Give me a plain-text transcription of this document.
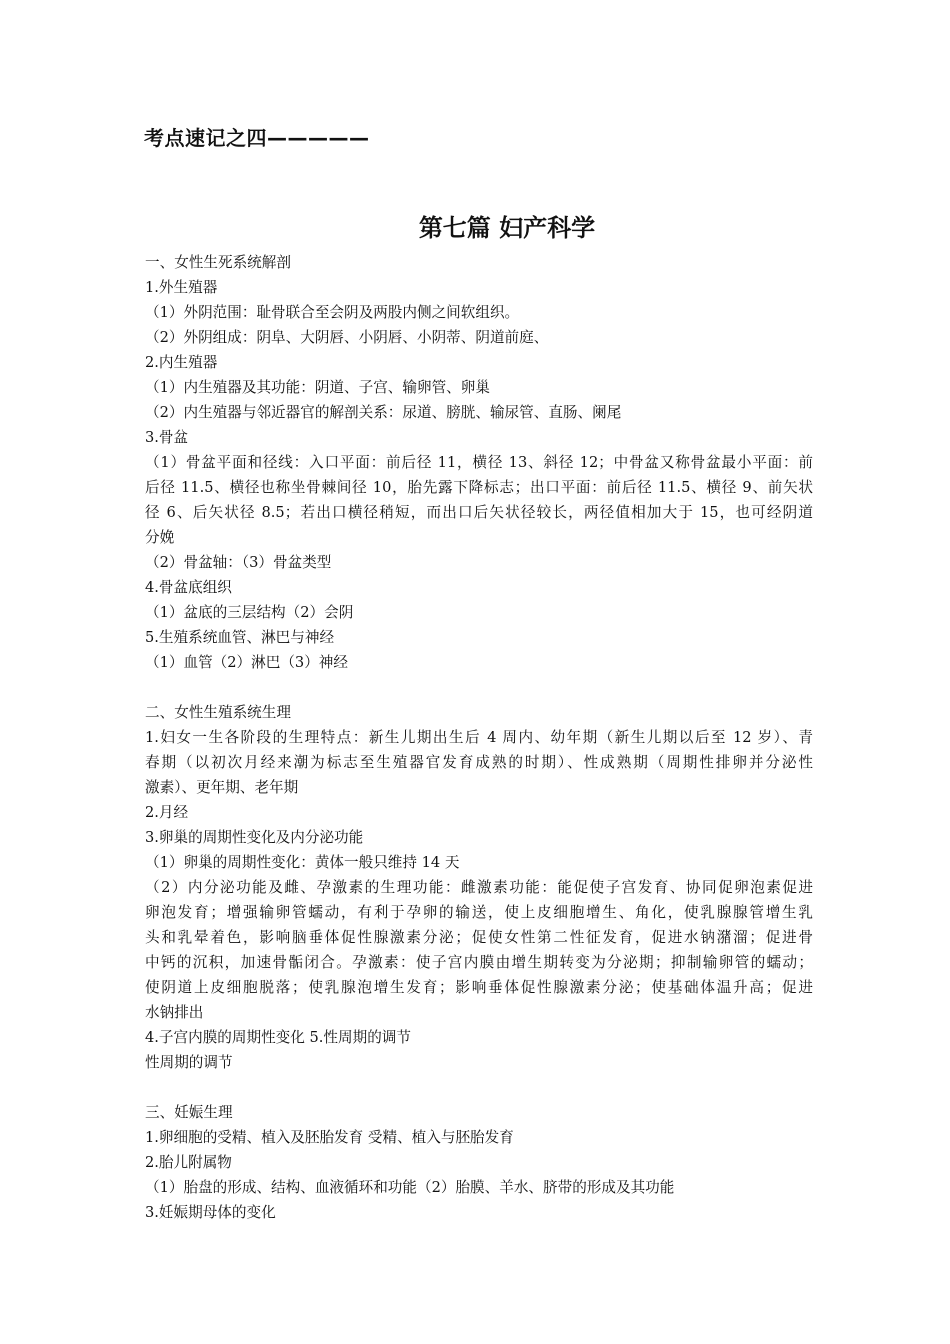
考点速记之四—————
第七篇 妇产科学
一、女性生死系统解剖
1.外生殖器
（1）外阴范围：耻骨联合至会阴及两股内侧之间软组织。
（2）外阴组成：阴阜、大阴唇、小阴唇、小阴蒂、阴道前庭、
2.内生殖器
（1）内生殖器及其功能：阴道、子宫、输卵管、卵巢
（2）内生殖器与邻近器官的解剖关系：尿道、膀胱、输尿管、直肠、阑尾
3.骨盆
（1）骨盆平面和径线：入口平面：前后径 11，横径 13、斜径 12；中骨盆又称骨盆最小平面：前
后径 11.5、横径也称坐骨棘间径 10，胎先露下降标志；出口平面：前后径 11.5、横径 9、前矢状
径 6、后矢状径 8.5；若出口横径稍短，而出口后矢状径较长，两径值相加大于 15，也可经阴道
分娩
（2）骨盆轴：（3）骨盆类型
4.骨盆底组织
（1）盆底的三层结构（2）会阴
5.生殖系统血管、淋巴与神经
（1）血管（2）淋巴（3）神经
二、女性生殖系统生理
1.妇女一生各阶段的生理特点：新生儿期出生后 4 周内、幼年期（新生儿期以后至 12 岁）、青
春期（以初次月经来潮为标志至生殖器官发育成熟的时期）、性成熟期（周期性排卵并分泌性
激素）、更年期、老年期
2.月经
3.卵巢的周期性变化及内分泌功能
（1）卵巢的周期性变化：黄体一般只维持 14 天
（2）内分泌功能及雌、孕激素的生理功能：雌激素功能：能促使子宫发育、协同促卵泡素促进
卵泡发育；增强输卵管蠕动，有利于孕卵的输送，使上皮细胞增生、角化，使乳腺腺管增生乳
头和乳晕着色，影响脑垂体促性腺激素分泌；促使女性第二性征发育，促进水钠潴溜；促进骨
中钙的沉积，加速骨骺闭合。孕激素：使子宫内膜由增生期转变为分泌期；抑制输卵管的蠕动；
使阴道上皮细胞脱落；使乳腺泡增生发育；影响垂体促性腺激素分泌；使基础体温升高；促进
水钠排出
4.子宫内膜的周期性变化 5.性周期的调节
性周期的调节
三、妊娠生理
1.卵细胞的受精、植入及胚胎发育 受精、植入与胚胎发育
2.胎儿附属物
（1）胎盘的形成、结构、血液循环和功能（2）胎膜、羊水、脐带的形成及其功能
3.妊娠期母体的变化
